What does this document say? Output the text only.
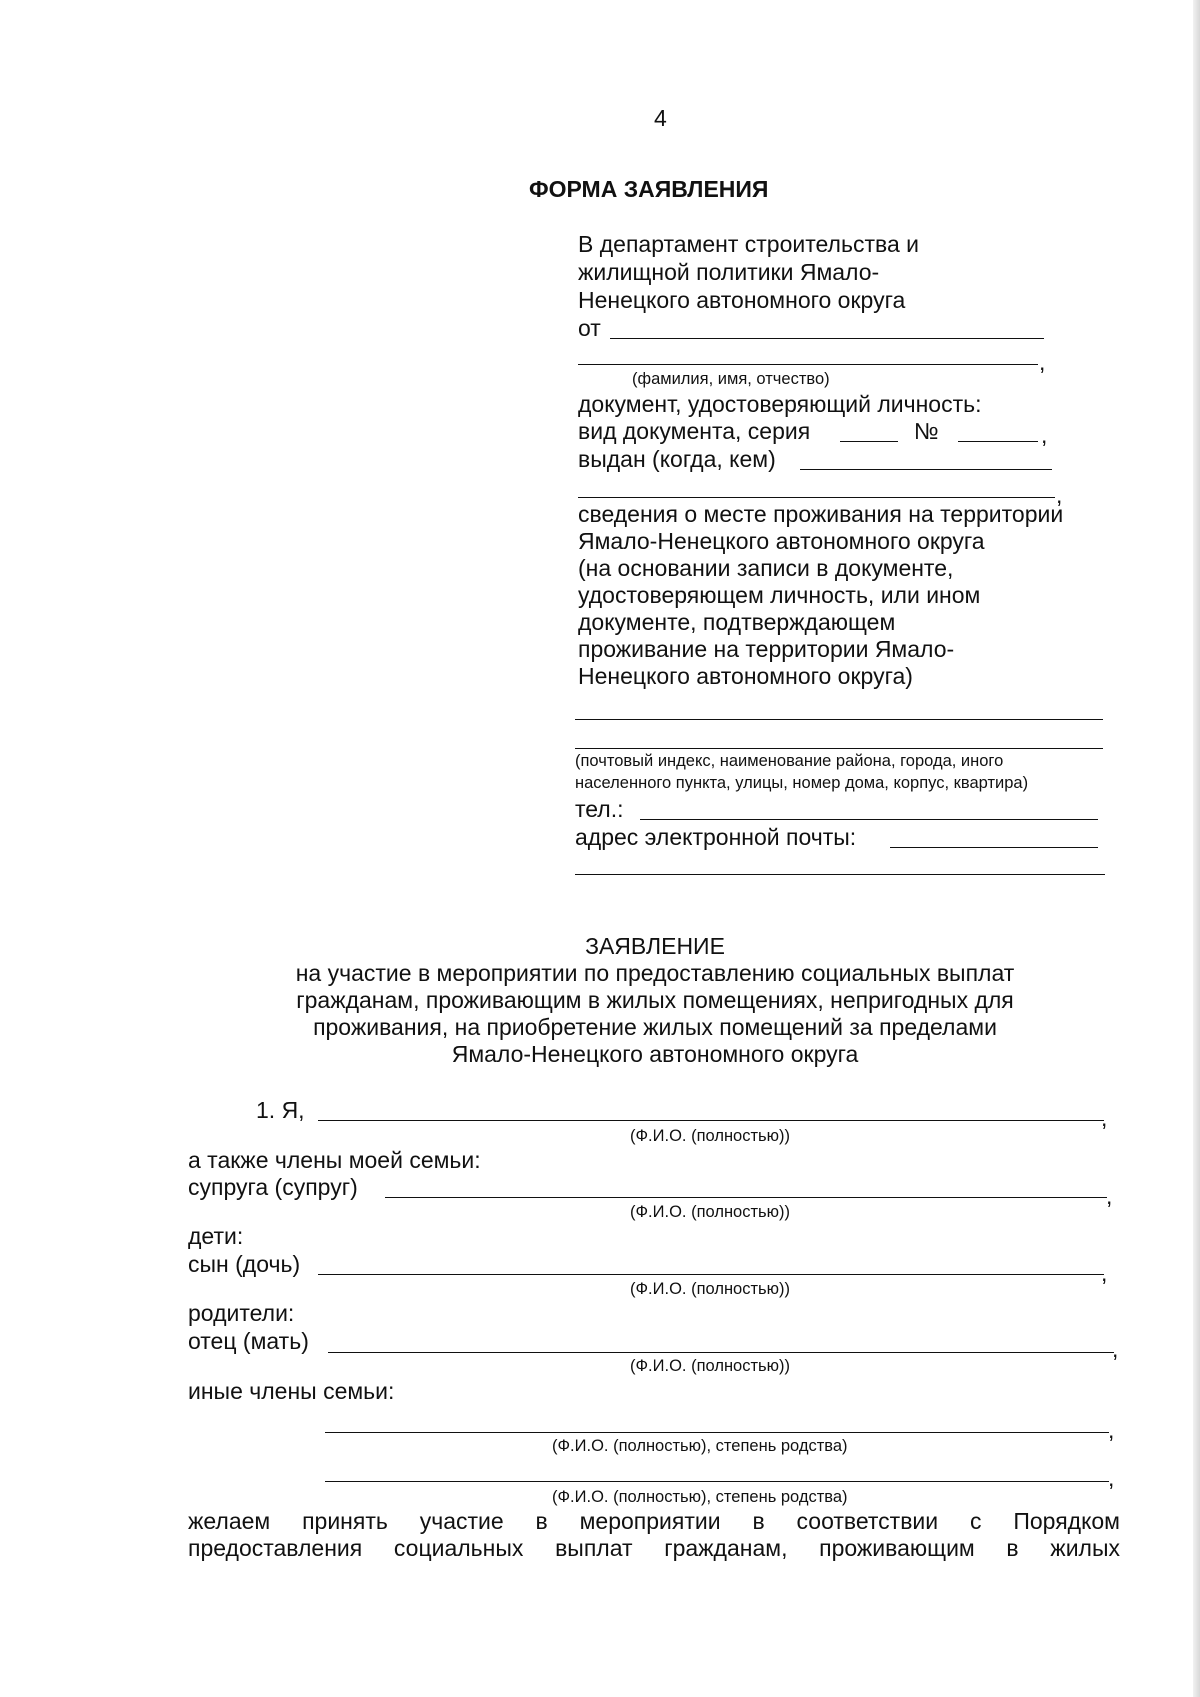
4
ФОРМА ЗАЯВЛЕНИЯ
В департамент строительства и
жилищной политики Ямало-
Ненецкого автономного округа
от
,
(фамилия, имя, отчество)
документ, удостоверяющий личность:
вид документа, серия	№	,
выдан (когда, кем)
,
сведения о месте проживания на территории
Ямало-Ненецкого автономного округа
(на основании записи в документе,
удостоверяющем личность, или ином
документе, подтверждающем
проживание на территории Ямало-
Ненецкого автономного округа)
(почтовый индекс, наименование района, города, иного
населенного пункта, улицы, номер дома, корпус, квартира)
тел.:
адрес электронной почты:
ЗАЯВЛЕНИЕ
на участие в мероприятии по предоставлению социальных выплат
гражданам, проживающим в жилых помещениях, непригодных для
проживания, на приобретение жилых помещений за пределами
Ямало-Ненецкого автономного округа
1. Я,	,
(Ф.И.О. (полностью))
а также члены моей семьи:
супруга (супруг)	,
(Ф.И.О. (полностью))
дети:
сын (дочь)	,
(Ф.И.О. (полностью))
родители:
отец (мать)	,
(Ф.И.О. (полностью))
иные члены семьи:
,
(Ф.И.О. (полностью), степень родства)
,
(Ф.И.О. (полностью), степень родства)
желаем принять участие в мероприятии в соответствии с Порядком
предоставления социальных выплат гражданам, проживающим в жилых
